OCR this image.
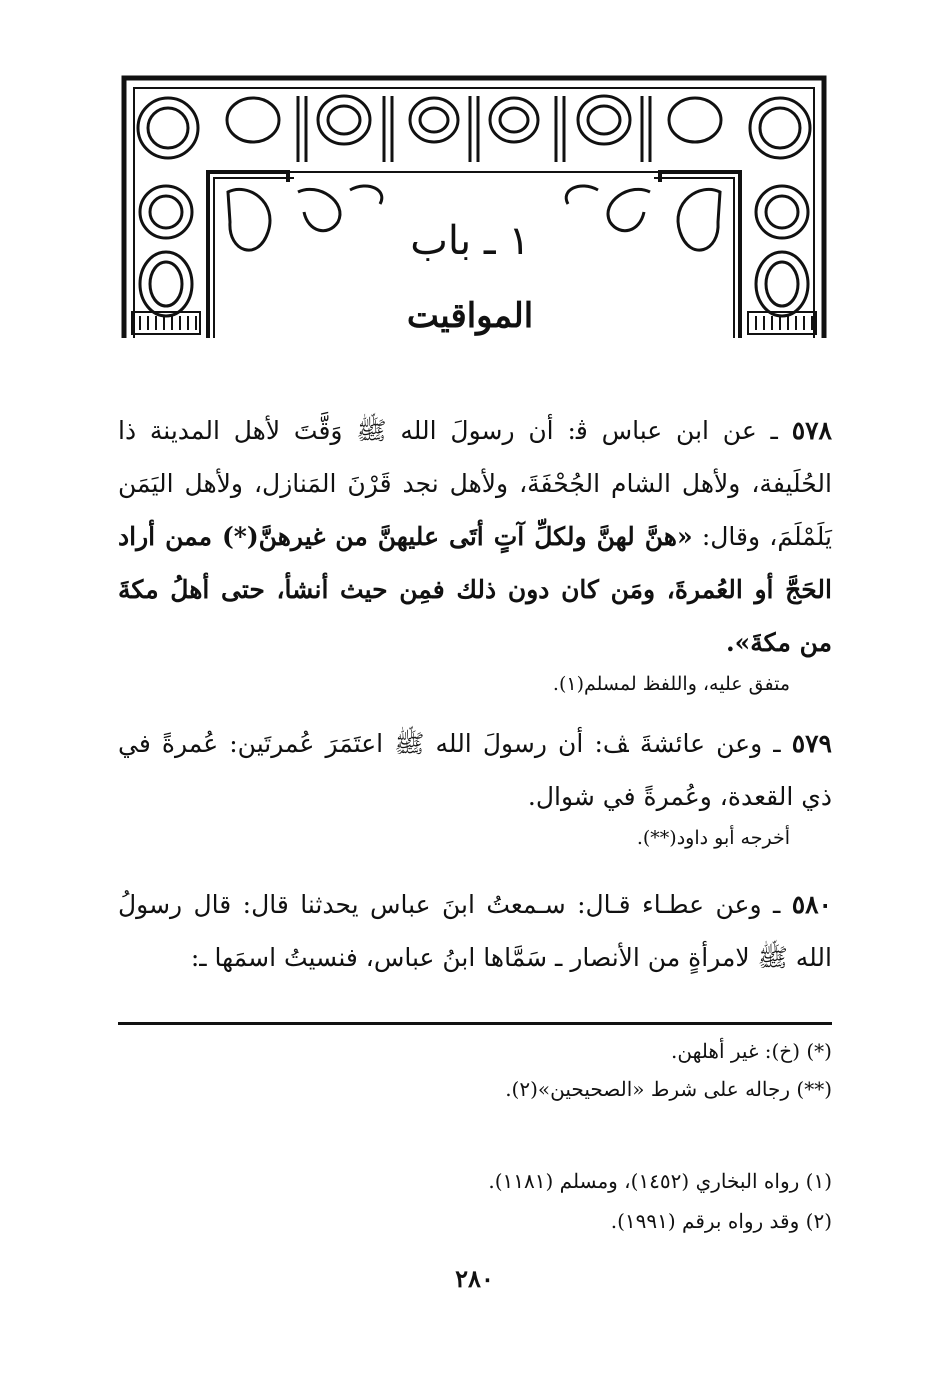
١ ـ باب
المواقيت
٥٧٨ ـ عن ابن عباس ﭬ: أن رسولَ الله ﷺ وَقَّتَ لأهل المدينة ذا الحُلَيفة، ولأهل الشام الجُحْفَةَ، ولأهل نجد قَرْنَ المَنازل، ولأهل اليَمَن يَلَمْلَمَ، وقال: «هنَّ لهنَّ ولكلِّ آتٍ أتَى عليهنَّ من غيرهنَّ(*) ممن أراد الحَجَّ أو العُمرةَ، ومَن كان دون ذلك فمِن حيث أنشأ، حتى أهلُ مكةَ من مكةَ».
متفق عليه، واللفظ لمسلم(١).
٥٧٩ ـ وعن عائشةَ ﭫ: أن رسولَ الله ﷺ اعتَمَرَ عُمرتَين: عُمرةً في ذي القعدة، وعُمرةً في شوال.
أخرجه أبو داود(**).
٥٨٠ ـ وعن عطـاء قـال: سـمعتُ ابنَ عباس يحدثنا قال: قال رسولُ الله ﷺ لامرأةٍ من الأنصار ـ سَمَّاها ابنُ عباس، فنسيتُ اسمَها ـ:
(*) (خ): غير أهلهن.
(**) رجاله على شرط «الصحيحين»(٢).
(١) رواه البخاري (١٤٥٢)، ومسلم (١١٨١).
(٢) وقد رواه برقم (١٩٩١).
٢٨٠
